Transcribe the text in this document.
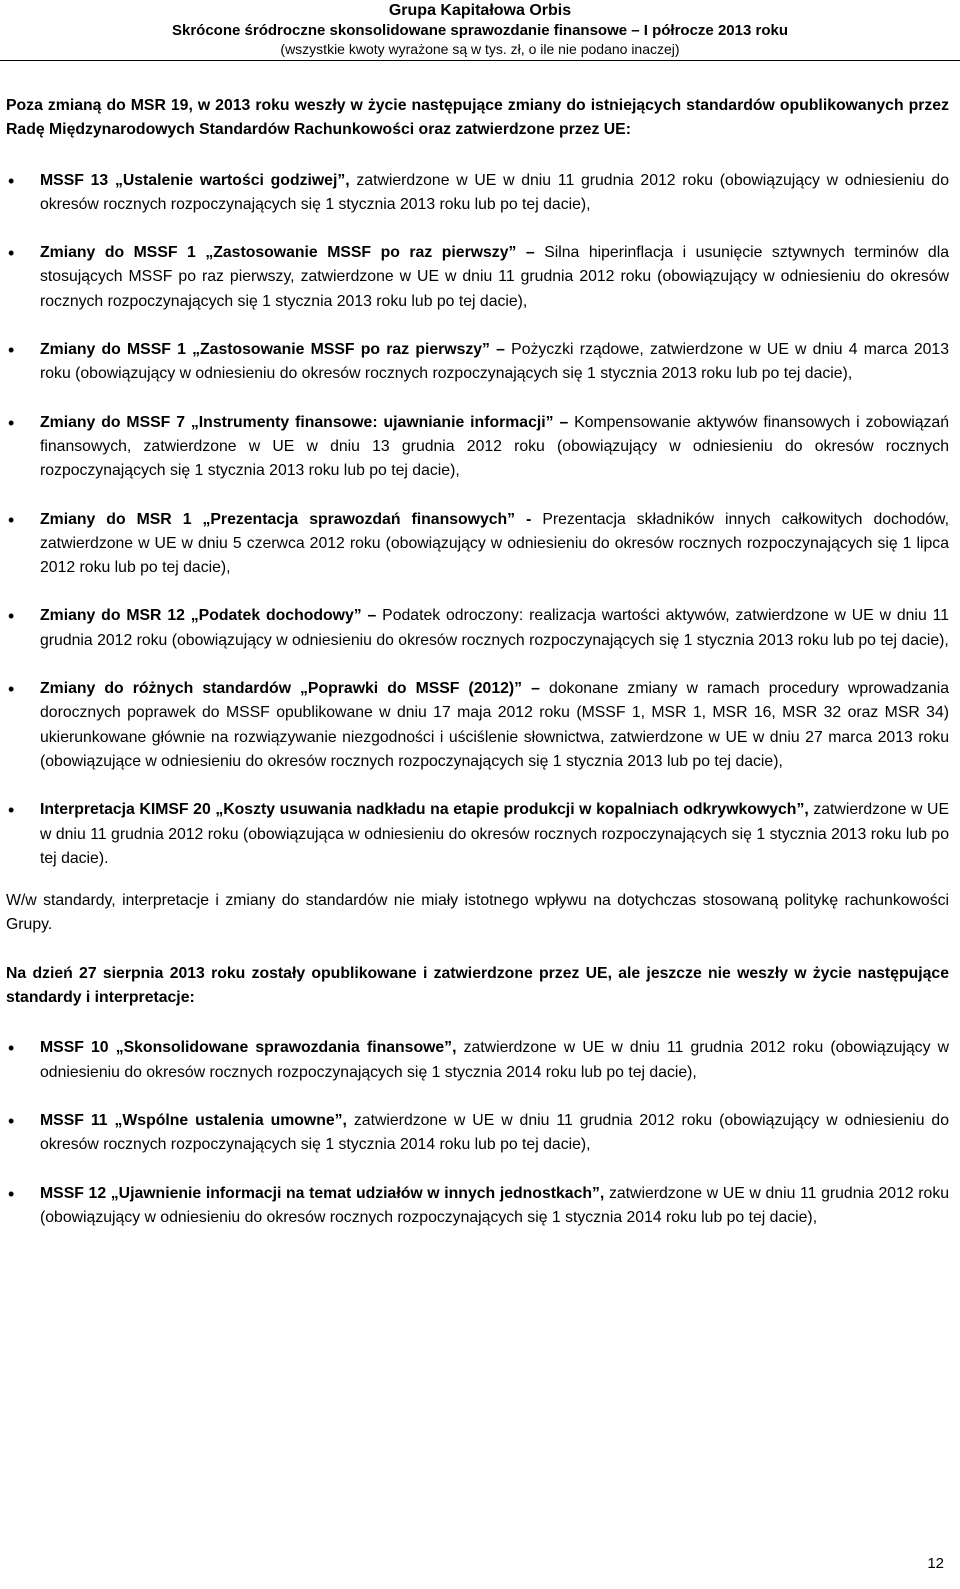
Grupa Kapitałowa Orbis
Skrócone śródroczne skonsolidowane sprawozdanie finansowe – I półrocze 2013 roku
(wszystkie kwoty wyrażone są w tys. zł, o ile nie podano inaczej)

Poza zmianą do MSR 19, w 2013 roku weszły w życie następujące zmiany do istniejących standardów opublikowanych przez Radę Międzynarodowych Standardów Rachunkowości oraz zatwierdzone przez UE:

• MSSF 13 „Ustalenie wartości godziwej”, zatwierdzone w UE w dniu 11 grudnia 2012 roku (obowiązujący w odniesieniu do okresów rocznych rozpoczynających się 1 stycznia 2013 roku lub po tej dacie),
• Zmiany do MSSF 1 „Zastosowanie MSSF po raz pierwszy” – Silna hiperinflacja i usunięcie sztywnych terminów dla stosujących MSSF po raz pierwszy, zatwierdzone w UE w dniu 11 grudnia 2012 roku (obowiązujący w odniesieniu do okresów rocznych rozpoczynających się 1 stycznia 2013 roku lub po tej dacie),
• Zmiany do MSSF 1 „Zastosowanie MSSF po raz pierwszy” – Pożyczki rządowe, zatwierdzone w UE w dniu 4 marca 2013 roku (obowiązujący w odniesieniu do okresów rocznych rozpoczynających się 1 stycznia 2013 roku lub po tej dacie),
• Zmiany do MSSF 7 „Instrumenty finansowe: ujawnianie informacji” – Kompensowanie aktywów finansowych i zobowiązań finansowych, zatwierdzone w UE w dniu 13 grudnia 2012 roku (obowiązujący w odniesieniu do okresów rocznych rozpoczynających się 1 stycznia 2013 roku lub po tej dacie),
• Zmiany do MSR 1 „Prezentacja sprawozdań finansowych” - Prezentacja składników innych całkowitych dochodów, zatwierdzone w UE w dniu 5 czerwca 2012 roku (obowiązujący w odniesieniu do okresów rocznych rozpoczynających się 1 lipca 2012 roku lub po tej dacie),
• Zmiany do MSR 12 „Podatek dochodowy” – Podatek odroczony: realizacja wartości aktywów, zatwierdzone w UE w dniu 11 grudnia 2012 roku (obowiązujący w odniesieniu do okresów rocznych rozpoczynających się 1 stycznia 2013 roku lub po tej dacie),
• Zmiany do różnych standardów „Poprawki do MSSF (2012)” – dokonane zmiany w ramach procedury wprowadzania dorocznych poprawek do MSSF opublikowane w dniu 17 maja 2012 roku (MSSF 1, MSR 1, MSR 16, MSR 32 oraz MSR 34) ukierunkowane głównie na rozwiązywanie niezgodności i uściślenie słownictwa, zatwierdzone w UE w dniu 27 marca 2013 roku (obowiązujące w odniesieniu do okresów rocznych rozpoczynających się 1 stycznia 2013 lub po tej dacie),
• Interpretacja KIMSF 20 „Koszty usuwania nadkładu na etapie produkcji w kopalniach odkrywkowych”, zatwierdzone w UE w dniu 11 grudnia 2012 roku (obowiązująca w odniesieniu do okresów rocznych rozpoczynających się 1 stycznia 2013 roku lub po tej dacie).

W/w standardy, interpretacje i zmiany do standardów nie miały istotnego wpływu na dotychczas stosowaną politykę rachunkowości Grupy.

Na dzień 27 sierpnia 2013 roku zostały opublikowane i zatwierdzone przez UE, ale jeszcze nie weszły w życie następujące standardy i interpretacje:

• MSSF 10 „Skonsolidowane sprawozdania finansowe”, zatwierdzone w UE w dniu 11 grudnia 2012 roku (obowiązujący w odniesieniu do okresów rocznych rozpoczynających się 1 stycznia 2014 roku lub po tej dacie),
• MSSF 11 „Wspólne ustalenia umowne”, zatwierdzone w UE w dniu 11 grudnia 2012 roku (obowiązujący w odniesieniu do okresów rocznych rozpoczynających się 1 stycznia 2014 roku lub po tej dacie),
• MSSF 12 „Ujawnienie informacji na temat udziałów w innych jednostkach”, zatwierdzone w UE w dniu 11 grudnia 2012 roku (obowiązujący w odniesieniu do okresów rocznych rozpoczynających się 1 stycznia 2014 roku lub po tej dacie),
12
